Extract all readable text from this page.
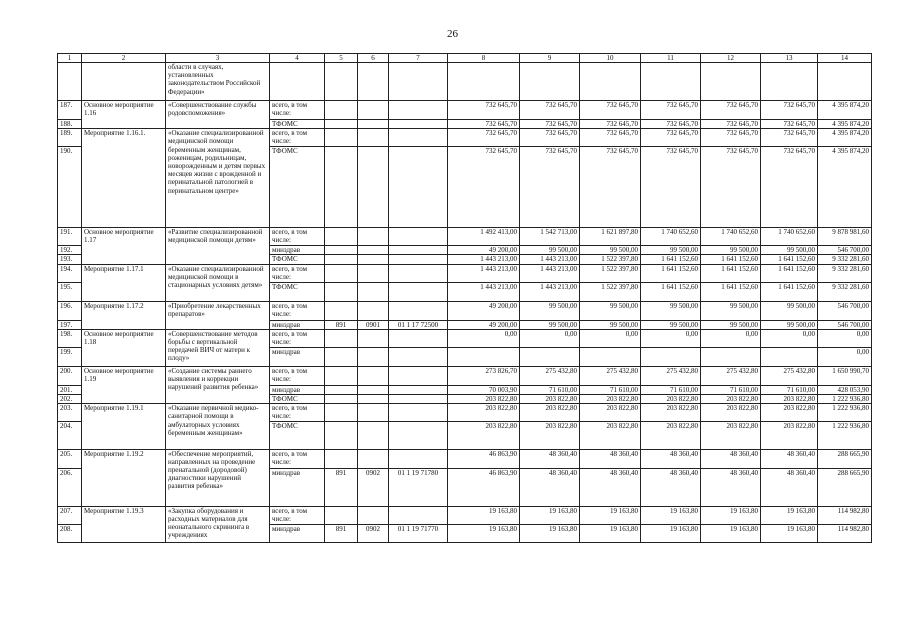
26
1	2	3	4	5	6	7	8	9	10	11	12	13	14
		области в случаях, установленных законодательством Российской Федерации»											
187.	Основное мероприятие 1.16	«Совершенствование службы родовспоможения»	всего, в том числе:				732 645,70	732 645,70	732 645,70	732 645,70	732 645,70	732 645,70	4 395 874,20
188.			ТФОМС				732 645,70	732 645,70	732 645,70	732 645,70	732 645,70	732 645,70	4 395 874,20
189.	Мероприятие 1.16.1.	«Оказание специализированной медицинской помощи беременным женщинам, роженицам, родильницам, новорожденным и детям первых месяцев жизни с врожденной и перинатальной патологией в перинатальном центре»	всего, в том числе:				732 645,70	732 645,70	732 645,70	732 645,70	732 645,70	732 645,70	4 395 874,20
190.			ТФОМС				732 645,70	732 645,70	732 645,70	732 645,70	732 645,70	732 645,70	4 395 874,20
191.	Основное мероприятие 1.17	«Развитие специализированной медицинской помощи детям»	всего, в том числе:				1 492 413,00	1 542 713,00	1 621 897,80	1 740 652,60	1 740 652,60	1 740 652,60	9 878 981,60
192.			минздрав				49 200,00	99 500,00	99 500,00	99 500,00	99 500,00	99 500,00	546 700,00
193.			ТФОМС				1 443 213,00	1 443 213,00	1 522 397,80	1 641 152,60	1 641 152,60	1 641 152,60	9 332 281,60
194.	Мероприятие 1.17.1	«Оказание специализированной медицинской помощи в стационарных условиях детям»	всего, в том числе:				1 443 213,00	1 443 213,00	1 522 397,80	1 641 152,60	1 641 152,60	1 641 152,60	9 332 281,60
195.			ТФОМС				1 443 213,00	1 443 213,00	1 522 397,80	1 641 152,60	1 641 152,60	1 641 152,60	9 332 281,60
196.	Мероприятие 1.17.2	«Приобретение лекарственных препаратов»	всего, в том числе:				49 200,00	99 500,00	99 500,00	99 500,00	99 500,00	99 500,00	546 700,00
197.			минздрав	891	0901	01 1 17 72500	49 200,00	99 500,00	99 500,00	99 500,00	99 500,00	99 500,00	546 700,00
198.	Основное мероприятие 1.18	«Совершенствование методов борьбы с вертикальной передачей ВИЧ от матери к плоду»	всего, в том числе:				0,00	0,00	0,00	0,00	0,00	0,00	0,00
199.			минздрав										0,00
200.	Основное мероприятие 1.19	«Создание системы раннего выявления и коррекции нарушений развития ребенка»	всего, в том числе:				273 826,70	275 432,80	275 432,80	275 432,80	275 432,80	275 432,80	1 650 990,70
201.			минздрав				70 003,90	71 610,00	71 610,00	71 610,00	71 610,00	71 610,00	428 053,90
202.			ТФОМС				203 822,80	203 822,80	203 822,80	203 822,80	203 822,80	203 822,80	1 222 936,80
203.	Мероприятие 1.19.1	«Оказание первичной медико-санитарной помощи в амбулаторных условиях беременным женщинам»	всего, в том числе:				203 822,80	203 822,80	203 822,80	203 822,80	203 822,80	203 822,80	1 222 936,80
204.			ТФОМС				203 822,80	203 822,80	203 822,80	203 822,80	203 822,80	203 822,80	1 222 936,80
205.	Мероприятие 1.19.2	«Обеспечение мероприятий, направленных на проведение пренатальной (дородовой) диагностики нарушений развития ребенка»	всего, в том числе:				46 863,90	48 360,40	48 360,40	48 360,40	48 360,40	48 360,40	288 665,90
206.			минздрав	891	0902	01 1 19 71780	46 863,90	48 360,40	48 360,40	48 360,40	48 360,40	48 360,40	288 665,90
207.	Мероприятие 1.19.3	«Закупка оборудования и расходных материалов для неонатального скрининга в учреждениях	всего, в том числе:				19 163,80	19 163,80	19 163,80	19 163,80	19 163,80	19 163,80	114 982,80
208.			минздрав	891	0902	01 1 19 71770	19 163,80	19 163,80	19 163,80	19 163,80	19 163,80	19 163,80	114 982,80
